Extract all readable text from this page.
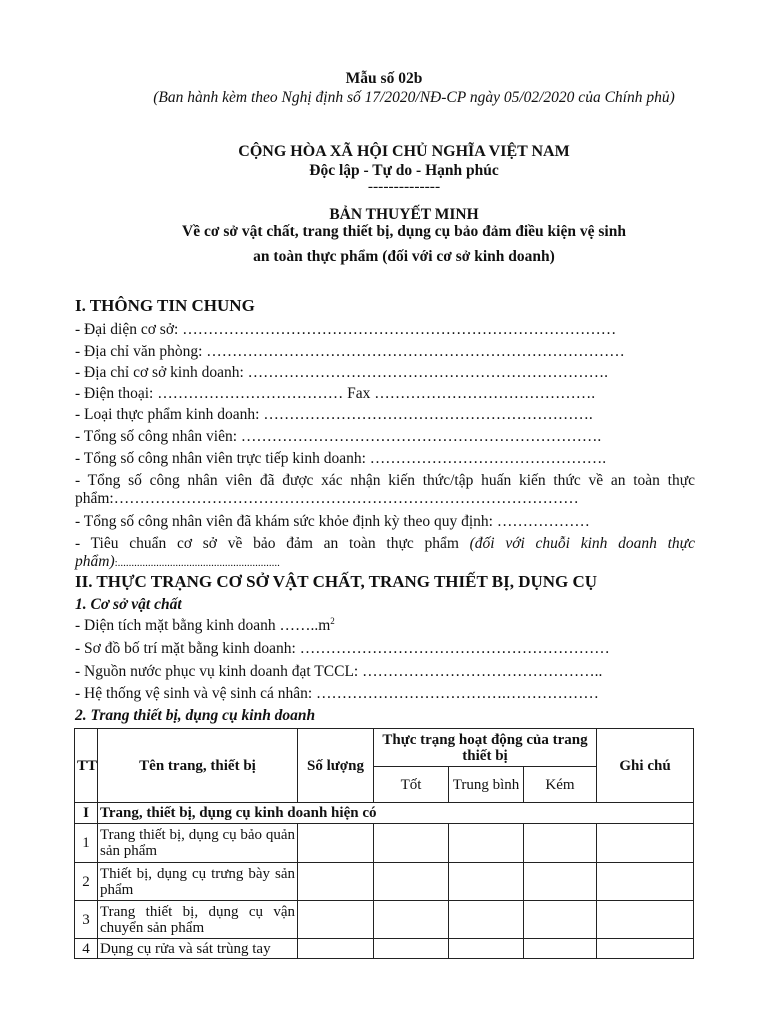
Mẫu số 02b
(Ban hành kèm theo Nghị định số 17/2020/NĐ-CP ngày 05/02/2020 của Chính phủ)
CỘNG HÒA XÃ HỘI CHỦ NGHĨA VIỆT NAM
Độc lập - Tự do - Hạnh phúc
--------------
BẢN THUYẾT MINH
Về cơ sở vật chất, trang thiết bị, dụng cụ bảo đảm điều kiện vệ sinh
an toàn thực phẩm (đối với cơ sở kinh doanh)
I. THÔNG TIN CHUNG
- Đại diện cơ sở: …………………………………………………………………………
- Địa chỉ văn phòng: ………………………………………………………………………
- Địa chỉ cơ sở kinh doanh: …………………………………………………………….
- Điện thoại: ……………………………… Fax …………………………………….
- Loại thực phẩm kinh doanh: ……………………………………………………….
- Tổng số công nhân viên: …………………………………………………………….
- Tổng số công nhân viên trực tiếp kinh doanh: ……………………………………….
- Tổng số công nhân viên đã được xác nhận kiến thức/tập huấn kiến thức về an toàn thực
phẩm:………………………………………………………………………………
- Tổng số công nhân viên đã khám sức khỏe định kỳ theo quy định: ………………
- Tiêu chuẩn cơ sở về bảo đảm an toàn thực phẩm (đối với chuỗi kinh doanh thực
phẩm):...........................................................
II. THỰC TRẠNG CƠ SỞ VẬT CHẤT, TRANG THIẾT BỊ, DỤNG CỤ
1. Cơ sở vật chất
- Diện tích mặt bằng kinh doanh $\dots\dots..m^2$
- Sơ đồ bố trí mặt bằng kinh doanh: ……………………………………………………
- Nguồn nước phục vụ kinh doanh đạt TCCL: ………………………………………..
- Hệ thống vệ sinh và vệ sinh cá nhân: ……………………………….………………
2. Trang thiết bị, dụng cụ kinh doanh
TT	Tên trang, thiết bị	Số lượng	Thực trạng hoạt động của trang thiết bị			Ghi chú
			Tốt	Trung bình	Kém	
I	Trang, thiết bị, dụng cụ kinh doanh hiện có					
1	Trang thiết bị, dụng cụ bảo quản sản phẩm					
2	Thiết bị, dụng cụ trưng bày sản phẩm					
3	Trang thiết bị, dụng cụ vận chuyển sản phẩm					
4	Dụng cụ rửa và sát trùng tay					
